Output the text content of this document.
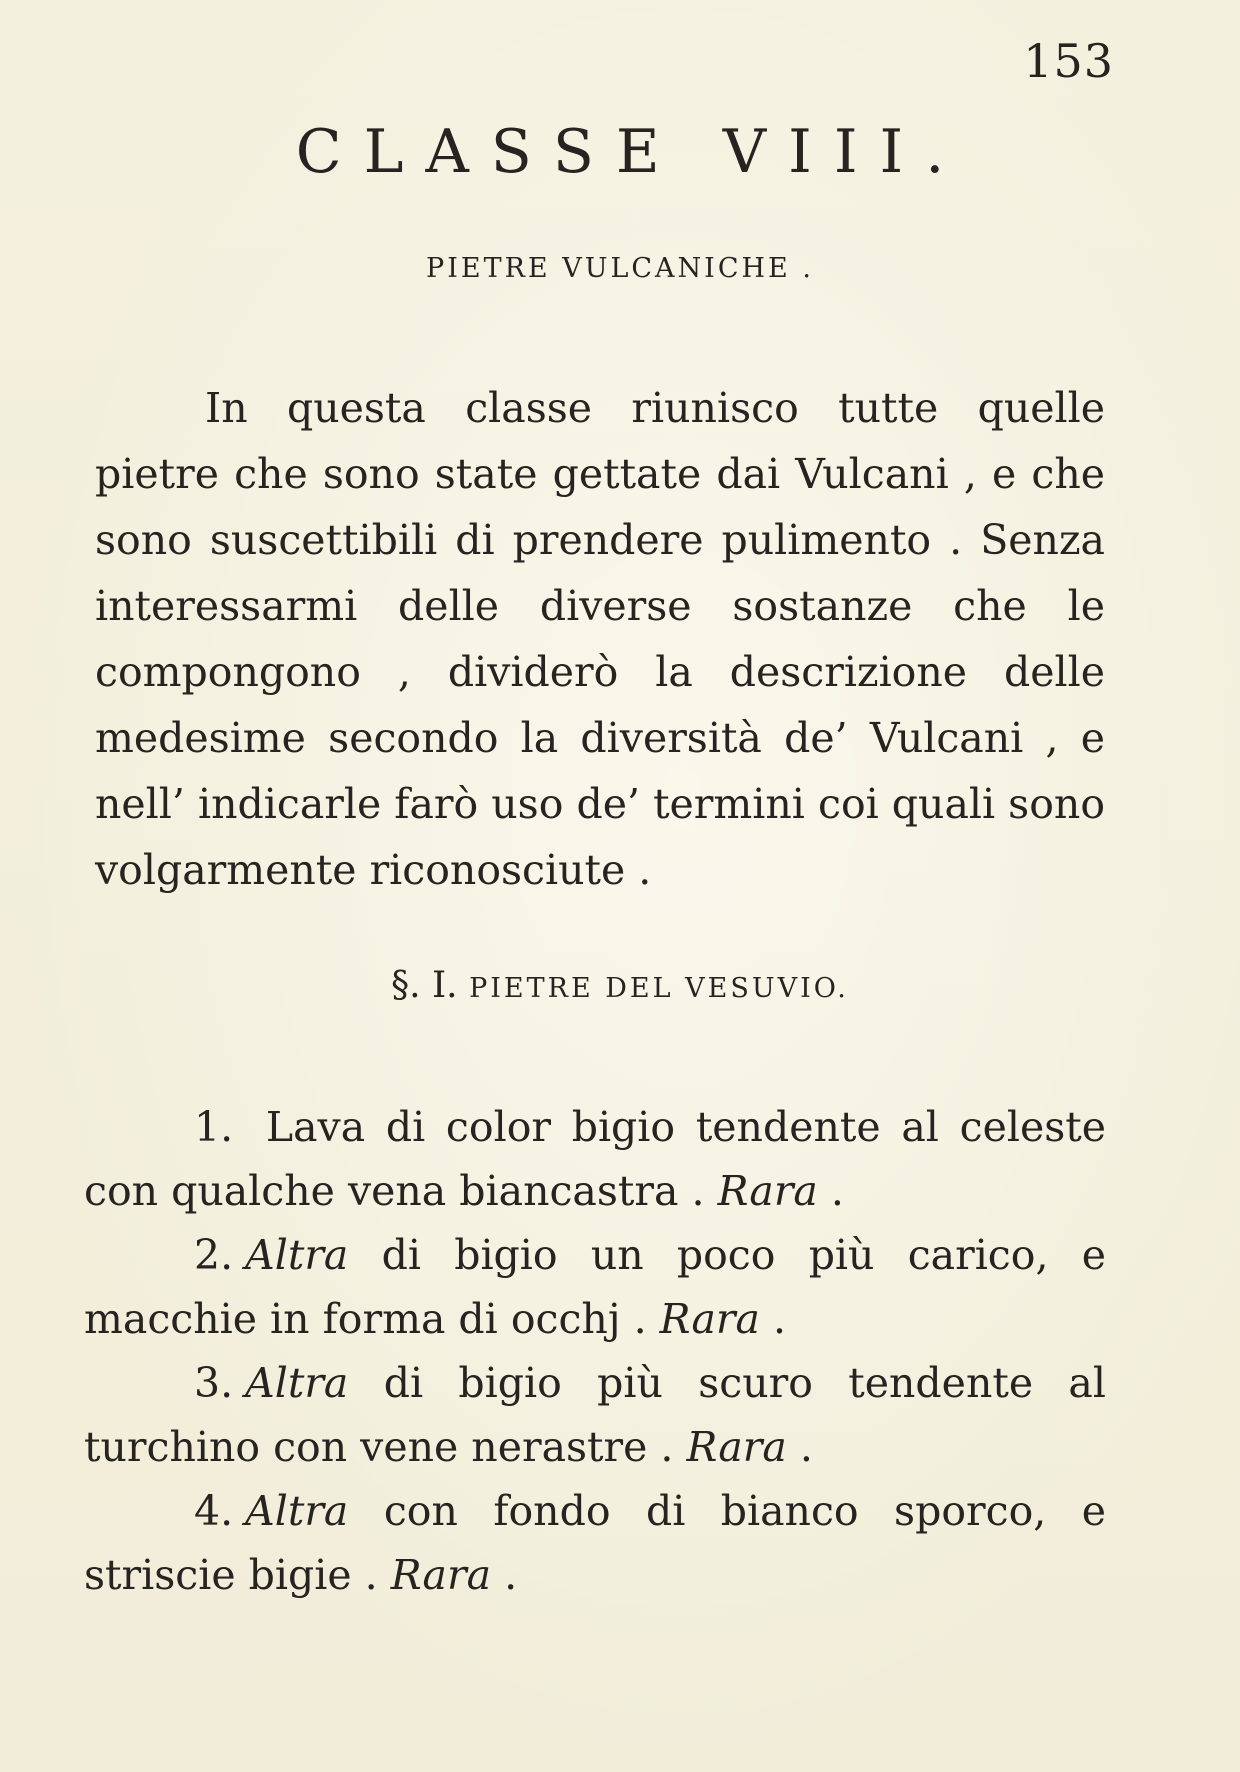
153
CLASSE VIII.
PIETRE VULCANICHE .

In questa classe riunisco tutte quelle pietre che sono state gettate dai Vulcani , e che sono suscettibili di prendere pulimento . Senza interessarmi delle diverse sostanze che le compongono , dividerò la descrizione delle medesime secondo la diversità de’ Vulcani , e nell’ indicarle farò uso de’ termini coi quali sono volgarmente riconosciute .

§. I. PIETRE DEL VESUVIO.
1. Lava di color bigio tendente al celeste con qualche vena biancastra . Rara .
2. Altra di bigio un poco più carico, e macchie in forma di occhj . Rara .
3. Altra di bigio più scuro tendente al turchino con vene nerastre . Rara .
4. Altra con fondo di bianco sporco, e striscie bigie . Rara .
